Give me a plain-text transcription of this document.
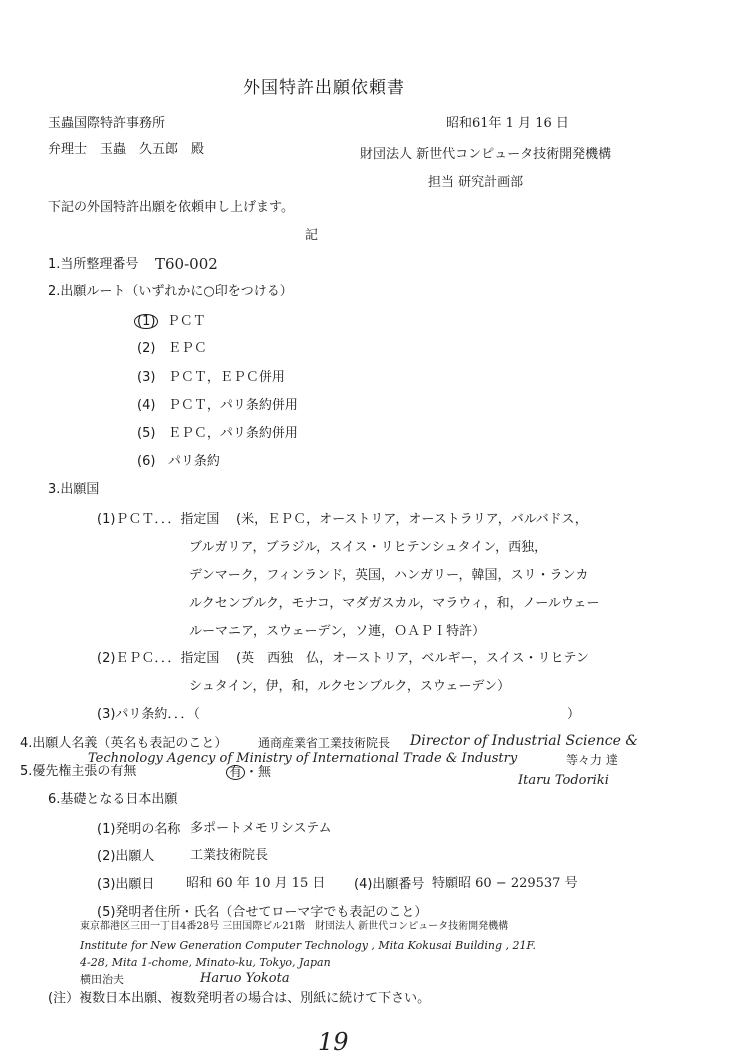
外国特許出願依頼書
玉蟲国際特許事務所
弁理士　玉蟲　久五郎　殿
昭和61年 1 月 16 日
財団法人 新世代コンピュータ技術開発機構
担当 研究計画部
下記の外国特許出願を依頼申し上げます。
記
1.当所整理番号 T60-002
2.出願ルート（いずれかに○印をつける）
(1) ＰＣＴ
(2) ＥＰＣ
(3) ＰＣＴ，ＥＰＣ併用
(4) ＰＣＴ，パリ条約併用
(5) ＥＰＣ，パリ条約併用
(6) パリ条約
3.出願国
(1)ＰＣＴ．．．指定国 (米，ＥＰＣ，オーストリア，オーストラリア，バルバドス，
ブルガリア，ブラジル，スイス・リヒテンシュタイン，西独，
デンマーク，フィンランド，英国，ハンガリー，韓国，スリ・ランカ
ルクセンブルク，モナコ，マダガスカル，マラウィ，和，ノールウェー
ルーマニア，スウェーデン，ソ連，ＯＡＰＩ特許）
(2)ＥＰＣ．．．指定国 (英　西独　仏，オーストリア，ベルギー，スイス・リヒテン
シュタイン，伊，和，ルクセンブルク，スウェーデン）
(3)パリ条約．．．（	）
4.出願人名義（英名も表記のこと）	通商産業省工業技術院長 Director of Industrial Science &
Technology Agency of Ministry of International Trade & Industry	等々力 達
Itaru Todoriki
5.優先権主張の有無	有 ・無
6.基礎となる日本出願
(1)発明の名称 多ポートメモリシステム
(2)出願人	工業技術院長
(3)出願日 昭和 60 年 10 月 15 日 (4)出願番号 特願昭 60 − 229537 号
(5)発明者住所・氏名（合せてローマ字でも表記のこと）
東京都港区三田一丁目4番28号 三田国際ビル21階　財団法人 新世代コンピュータ技術開発機構
Institute for New Generation Computer Technology , Mita Kokusai Building , 21F.
4-28, Mita 1-chome, Minato-ku, Tokyo, Japan
横田治夫	Haruo Yokota
(注）複数日本出願、複数発明者の場合は、別紙に続けて下さい。
19
